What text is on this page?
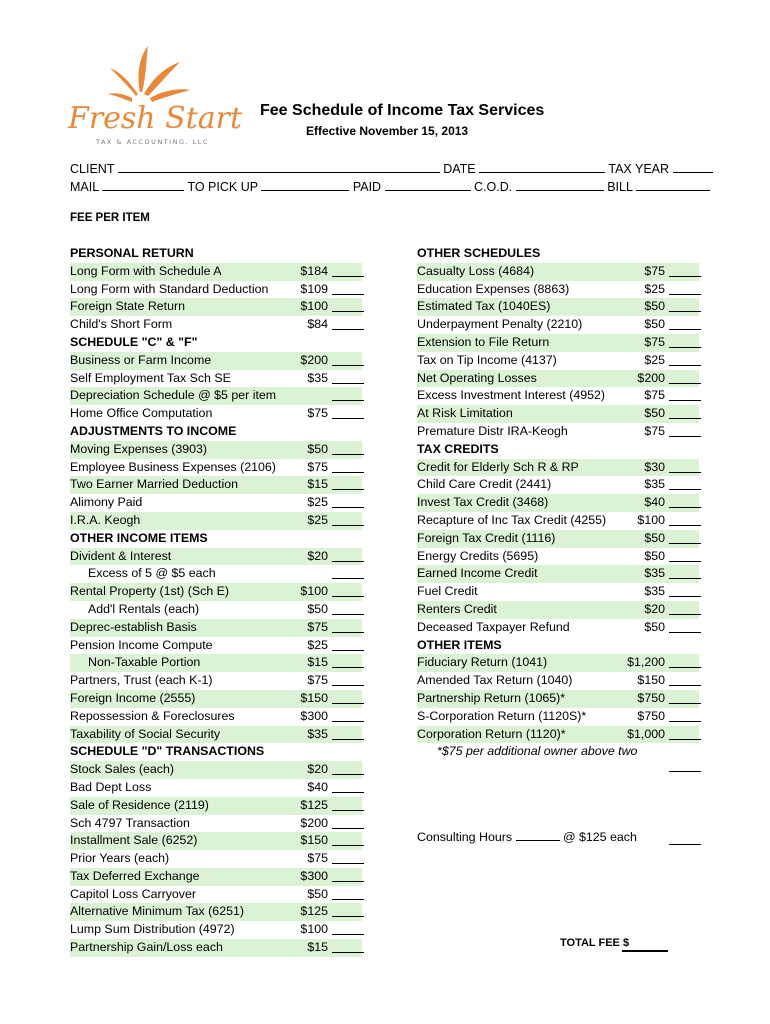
Fresh Start
TAX & ACCOUNTING, LLC
Fee Schedule of Income Tax Services
Effective November 15, 2013
CLIENT	DATE	TAX YEAR
MAIL	TO PICK UP	PAID	C.O.D.	BILL
FEE PER ITEM
PERSONAL RETURN
Long Form with Schedule A	$184
Long Form with Standard Deduction	$109
Foreign State Return	$100
Child's Short Form	$84
SCHEDULE "C" & "F"
Business or Farm Income	$200
Self Employment Tax Sch SE	$35
Depreciation Schedule @ $5 per item
Home Office Computation	$75
ADJUSTMENTS TO INCOME
Moving Expenses (3903)	$50
Employee Business Expenses (2106)	$75
Two Earner Married Deduction	$15
Alimony Paid	$25
I.R.A. Keogh	$25
OTHER INCOME ITEMS
Divident & Interest	$20
Excess of 5 @ $5 each
Rental Property (1st) (Sch E)	$100
Add'l Rentals (each)	$50
Deprec-establish Basis	$75
Pension Income Compute	$25
Non-Taxable Portion	$15
Partners, Trust (each K-1)	$75
Foreign Income (2555)	$150
Repossession & Foreclosures	$300
Taxability of Social Security	$35
SCHEDULE "D" TRANSACTIONS
Stock Sales (each)	$20
Bad Dept Loss	$40
Sale of Residence (2119)	$125
Sch 4797 Transaction	$200
Installment Sale (6252)	$150
Prior Years (each)	$75
Tax Deferred Exchange	$300
Capitol Loss Carryover	$50
Alternative Minimum Tax (6251)	$125
Lump Sum Distribution (4972)	$100
Partnership Gain/Loss each	$15
OTHER SCHEDULES
Casualty Loss (4684)	$75
Education Expenses (8863)	$25
Estimated Tax (1040ES)	$50
Underpayment Penalty (2210)	$50
Extension to File Return	$75
Tax on Tip Income (4137)	$25
Net Operating Losses	$200
Excess Investment Interest (4952)	$75
At Risk Limitation	$50
Premature Distr IRA-Keogh	$75
TAX CREDITS
Credit for Elderly Sch R & RP	$30
Child Care Credit (2441)	$35
Invest Tax Credit (3468)	$40
Recapture of Inc Tax Credit (4255)	$100
Foreign Tax Credit (1116)	$50
Energy Credits (5695)	$50
Earned Income Credit	$35
Fuel Credit	$35
Renters Credit	$20
Deceased Taxpayer Refund	$50
OTHER ITEMS
Fiduciary Return (1041)	$1,200
Amended Tax Return (1040)	$150
Partnership Return (1065)*	$750
S-Corporation Return (1120S)*	$750
Corporation Return (1120)*	$1,000
*$75 per additional owner above two
Consulting Hours	@ $125 each
TOTAL FEE $
